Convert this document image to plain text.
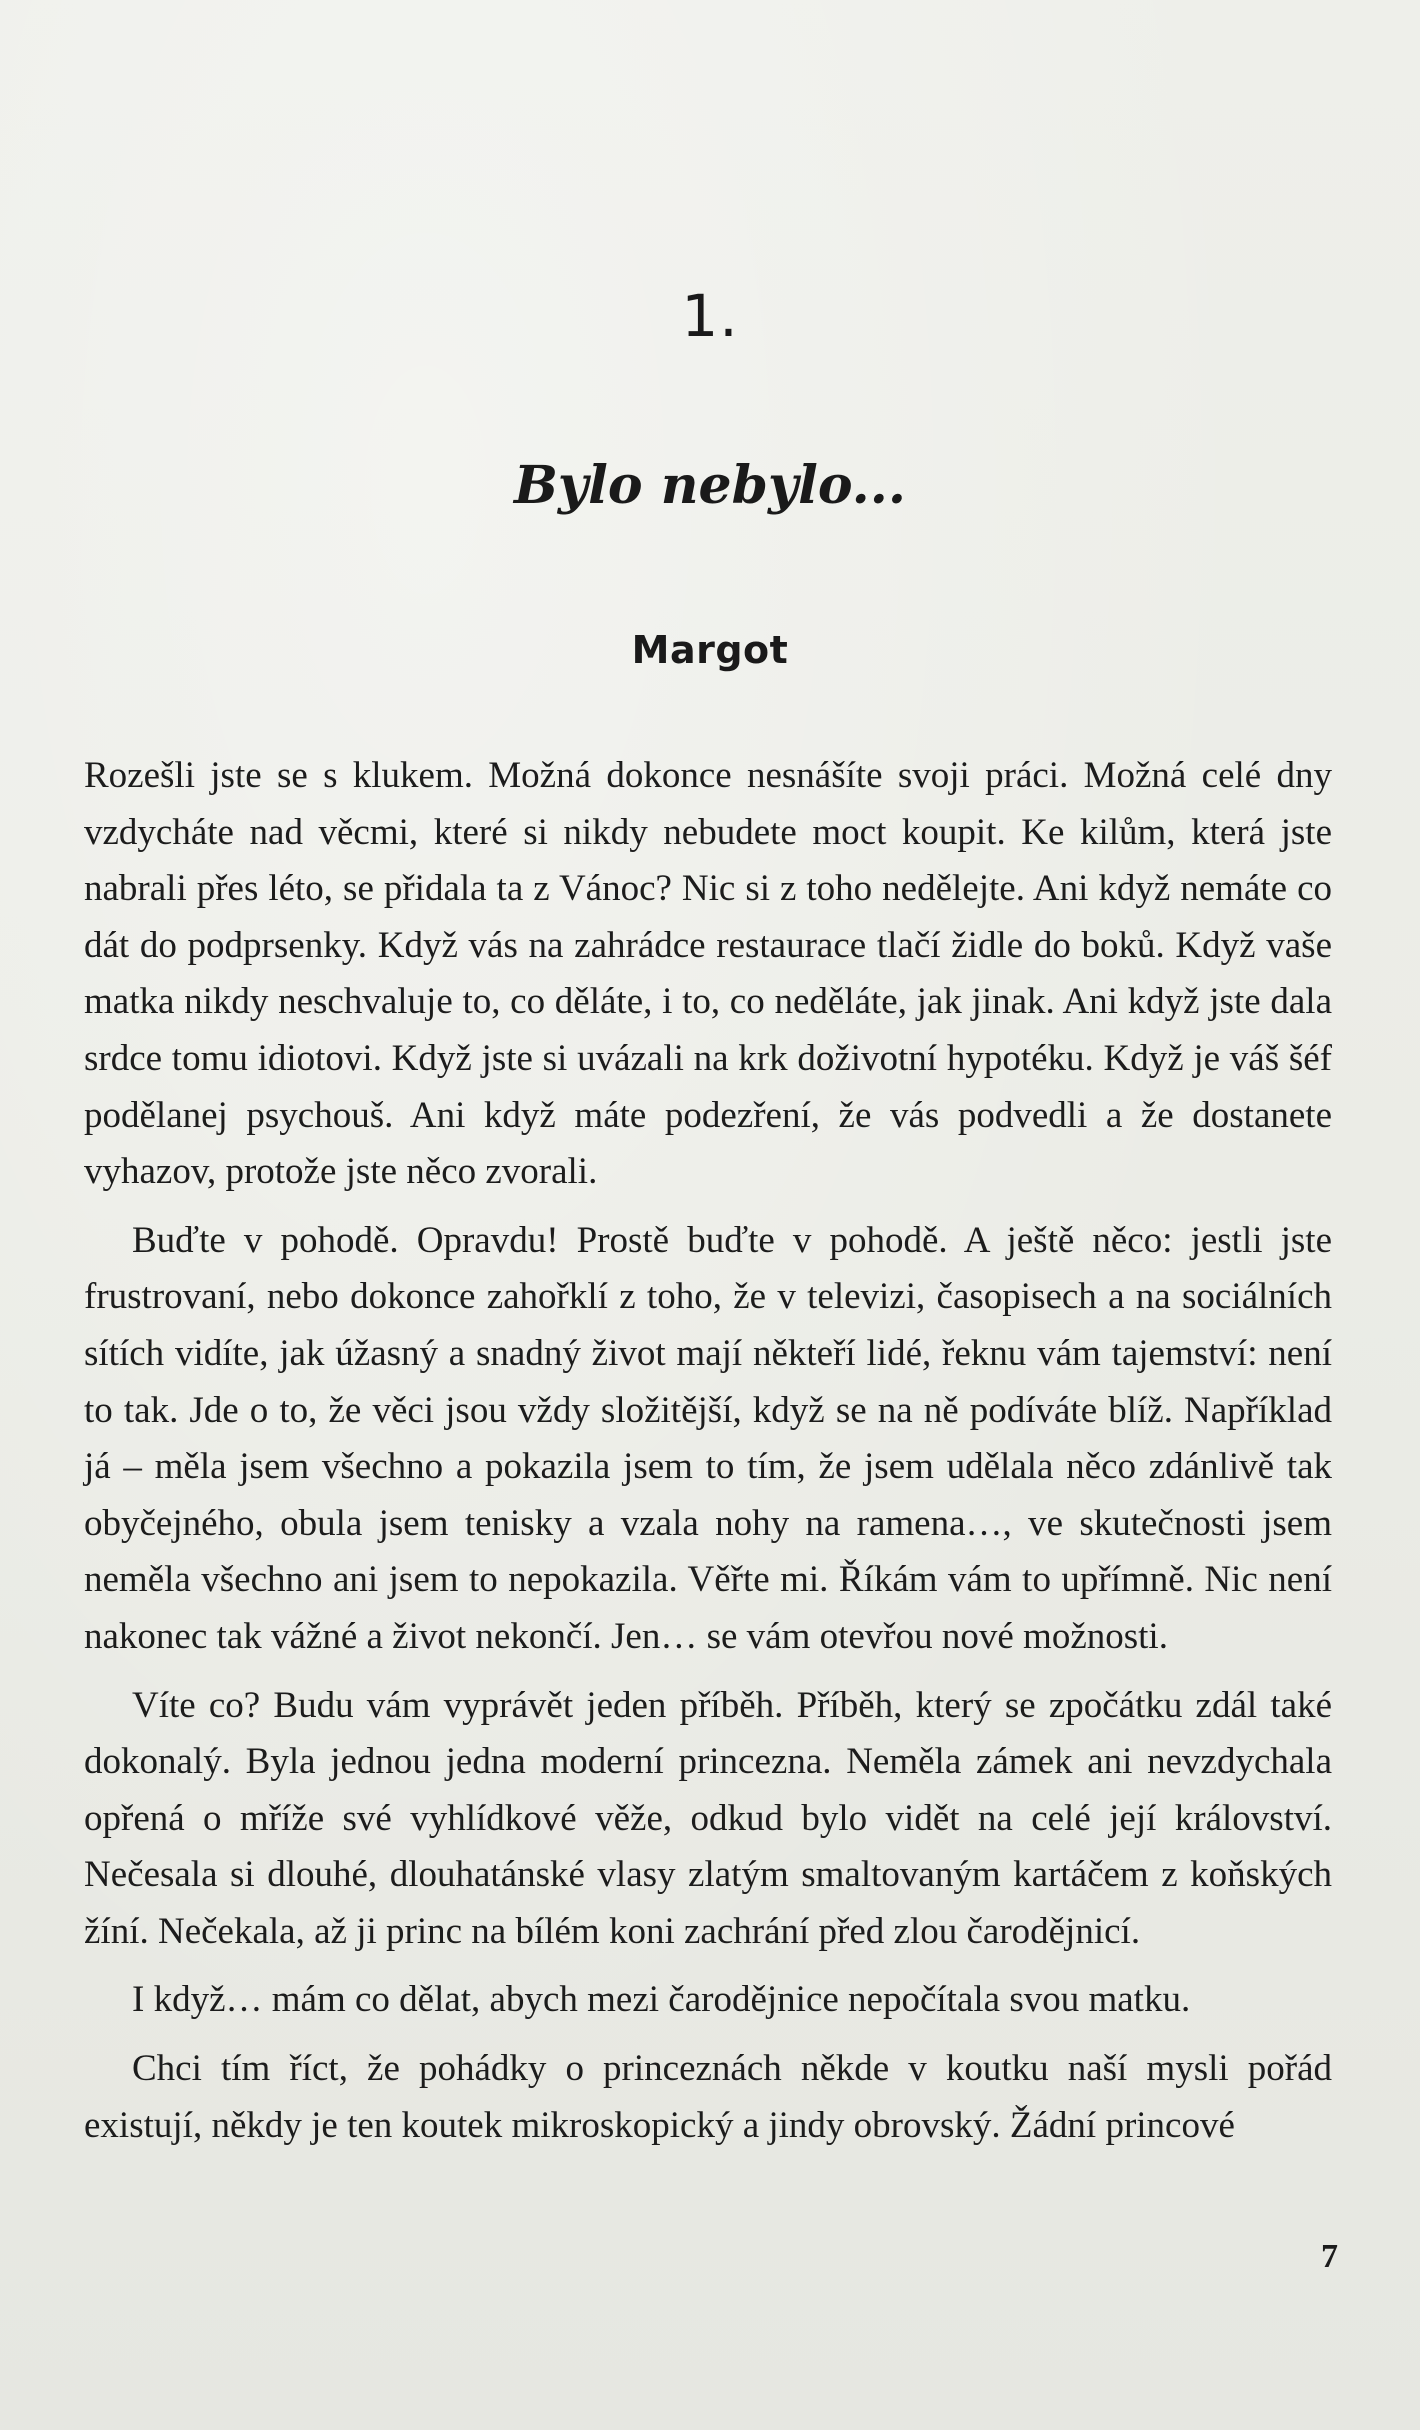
1.
Bylo nebylo...
Margot

Rozešli jste se s klukem. Možná dokonce nesnášíte svoji práci. Možná celé dny vzdycháte nad věcmi, které si nikdy nebudete moct koupit. Ke kilům, která jste nabrali přes léto, se přidala ta z Vánoc? Nic si z toho nedělejte. Ani když nemáte co dát do podprsenky. Když vás na zahrádce restaurace tlačí židle do boků. Když vaše matka nikdy neschvaluje to, co děláte, i to, co neděláte, jak jinak. Ani když jste dala srdce tomu idiotovi. Když jste si uvázali na krk doživotní hypotéku. Když je váš šéf podělanej psychouš. Ani když máte podezření, že vás podvedli a že dostanete vyhazov, protože jste něco zvorali.

Buďte v pohodě. Opravdu! Prostě buďte v pohodě. A ještě něco: jestli jste frustrovaní, nebo dokonce zahořklí z toho, že v televizi, časopisech a na sociálních sítích vidíte, jak úžasný a snadný život mají někteří lidé, řeknu vám tajemství: není to tak. Jde o to, že věci jsou vždy složitější, když se na ně podíváte blíž. Například já – měla jsem všechno a pokazila jsem to tím, že jsem udělala něco zdánlivě tak obyčejného, obula jsem tenisky a vzala nohy na ramena…, ve skutečnosti jsem neměla všechno ani jsem to nepokazila. Věřte mi. Říkám vám to upřímně. Nic není nakonec tak vážné a život nekončí. Jen… se vám otevřou nové možnosti.

Víte co? Budu vám vyprávět jeden příběh. Příběh, který se zpočátku zdál také dokonalý. Byla jednou jedna moderní princezna. Neměla zámek ani nevzdychala opřená o mříže své vyhlídkové věže, odkud bylo vidět na celé její království. Nečesala si dlouhé, dlouhatánské vlasy zlatým smaltovaným kartáčem z koňských žíní. Nečekala, až ji princ na bílém koni zachrání před zlou čarodějnicí.

I když… mám co dělat, abych mezi čarodějnice nepočítala svou matku.

Chci tím říct, že pohádky o princeznách někde v koutku naší mysli pořád existují, někdy je ten koutek mikroskopický a jindy obrovský. Žádní princové

7
